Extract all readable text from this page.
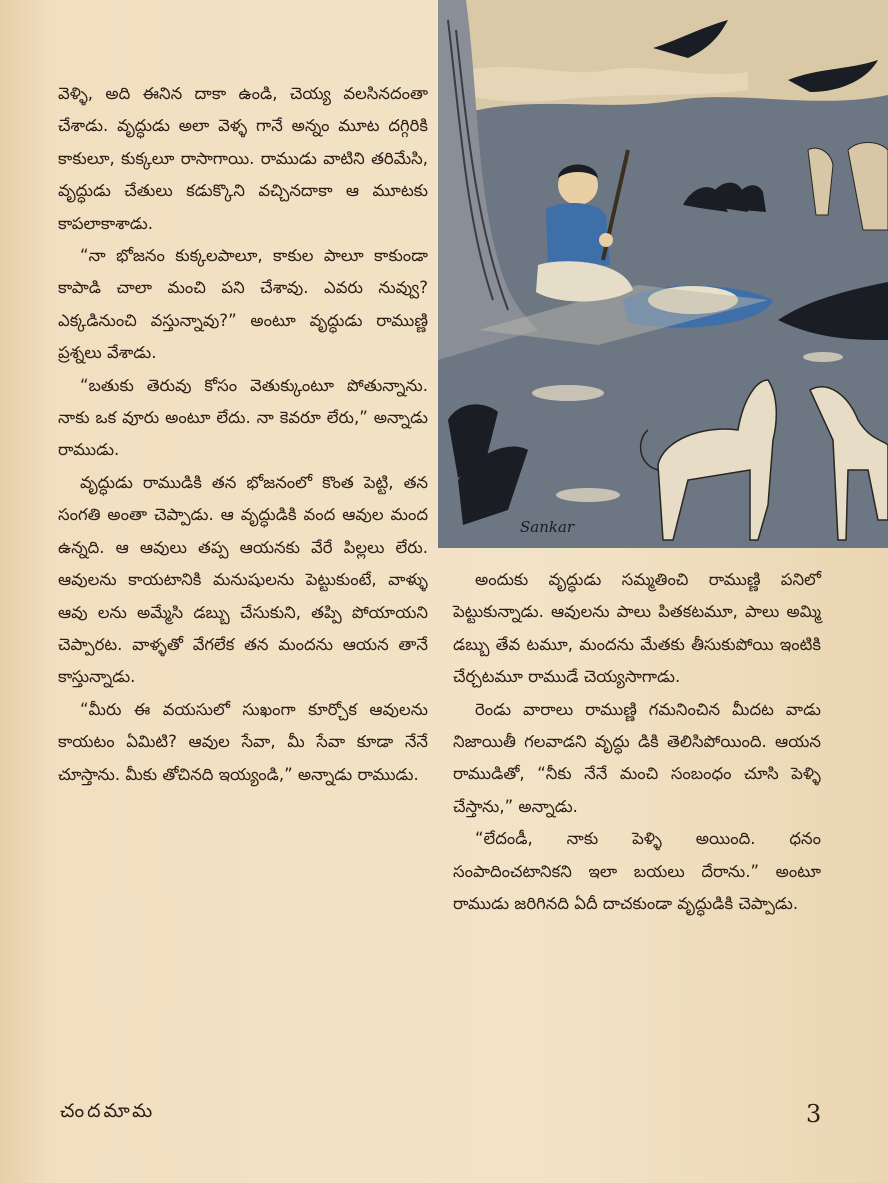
వెళ్ళి, అది ఈనిన దాకా ఉండి, చెయ్య వలసినదంతా చేశాడు. వృద్ధుడు అలా వెళ్ళ గానే అన్నం మూట దగ్గిరికి కాకులూ, కుక్కలూ రాసాగాయి. రాముడు వాటిని తరిమేసి, వృద్ధుడు చేతులు కడుక్కొని వచ్చినదాకా ఆ మూటకు కాపలాకాశాడు.

“నా భోజనం కుక్కలపాలూ, కాకుల పాలూ కాకుండా కాపాడి చాలా మంచి పని చేశావు. ఎవరు నువ్వు? ఎక్కడినుంచి వస్తున్నావు?” అంటూ వృద్ధుడు రాముణ్ణి ప్రశ్నలు వేశాడు.

“బతుకు తెరువు కోసం వెతుక్కుంటూ పోతున్నాను. నాకు ఒక వూరు అంటూ లేదు. నా కెవరూ లేరు,” అన్నాడు రాముడు.

వృద్ధుడు రాముడికి తన భోజనంలో కొంత పెట్టి, తన సంగతి అంతా చెప్పాడు. ఆ వృద్ధుడికి వంద ఆవుల మంద ఉన్నది. ఆ ఆవులు తప్ప ఆయనకు వేరే పిల్లలు లేరు. ఆవులను కాయటానికి మనుషులను పెట్టుకుంటే, వాళ్ళు ఆవు లను అమ్మేసి డబ్బు చేసుకుని, తప్పి పోయాయని చెప్పారట. వాళ్ళతో వేగలేక తన మందను ఆయన తానే కాస్తున్నాడు.

“మీరు ఈ వయసులో సుఖంగా కూర్చోక ఆవులను కాయటం ఏమిటి? ఆవుల సేవా, మీ సేవా కూడా నేనే చూస్తాను. మీకు తోచినది ఇయ్యండి,” అన్నాడు రాముడు.

Sankar

అందుకు వృద్ధుడు సమ్మతించి రాముణ్ణి పనిలో పెట్టుకున్నాడు. ఆవులను పాలు పితకటమూ, పాలు అమ్మి డబ్బు తేవ టమూ, మందను మేతకు తీసుకుపోయి ఇంటికి చేర్చటమూ రాముడే చెయ్యసాగాడు.

రెండు వారాలు రాముణ్ణి గమనించిన మీదట వాడు నిజాయితీ గలవాడని వృద్ధు డికి తెలిసిపోయింది. ఆయన రాముడితో, “నీకు నేనే మంచి సంబంధం చూసి పెళ్ళి చేస్తాను,” అన్నాడు.

“లేదండీ, నాకు పెళ్ళి అయింది. ధనం సంపాదించటానికని ఇలా బయలు దేరాను.” అంటూ రాముడు జరిగినది ఏదీ దాచకుండా వృద్ధుడికి చెప్పాడు.

చందమామ	3
